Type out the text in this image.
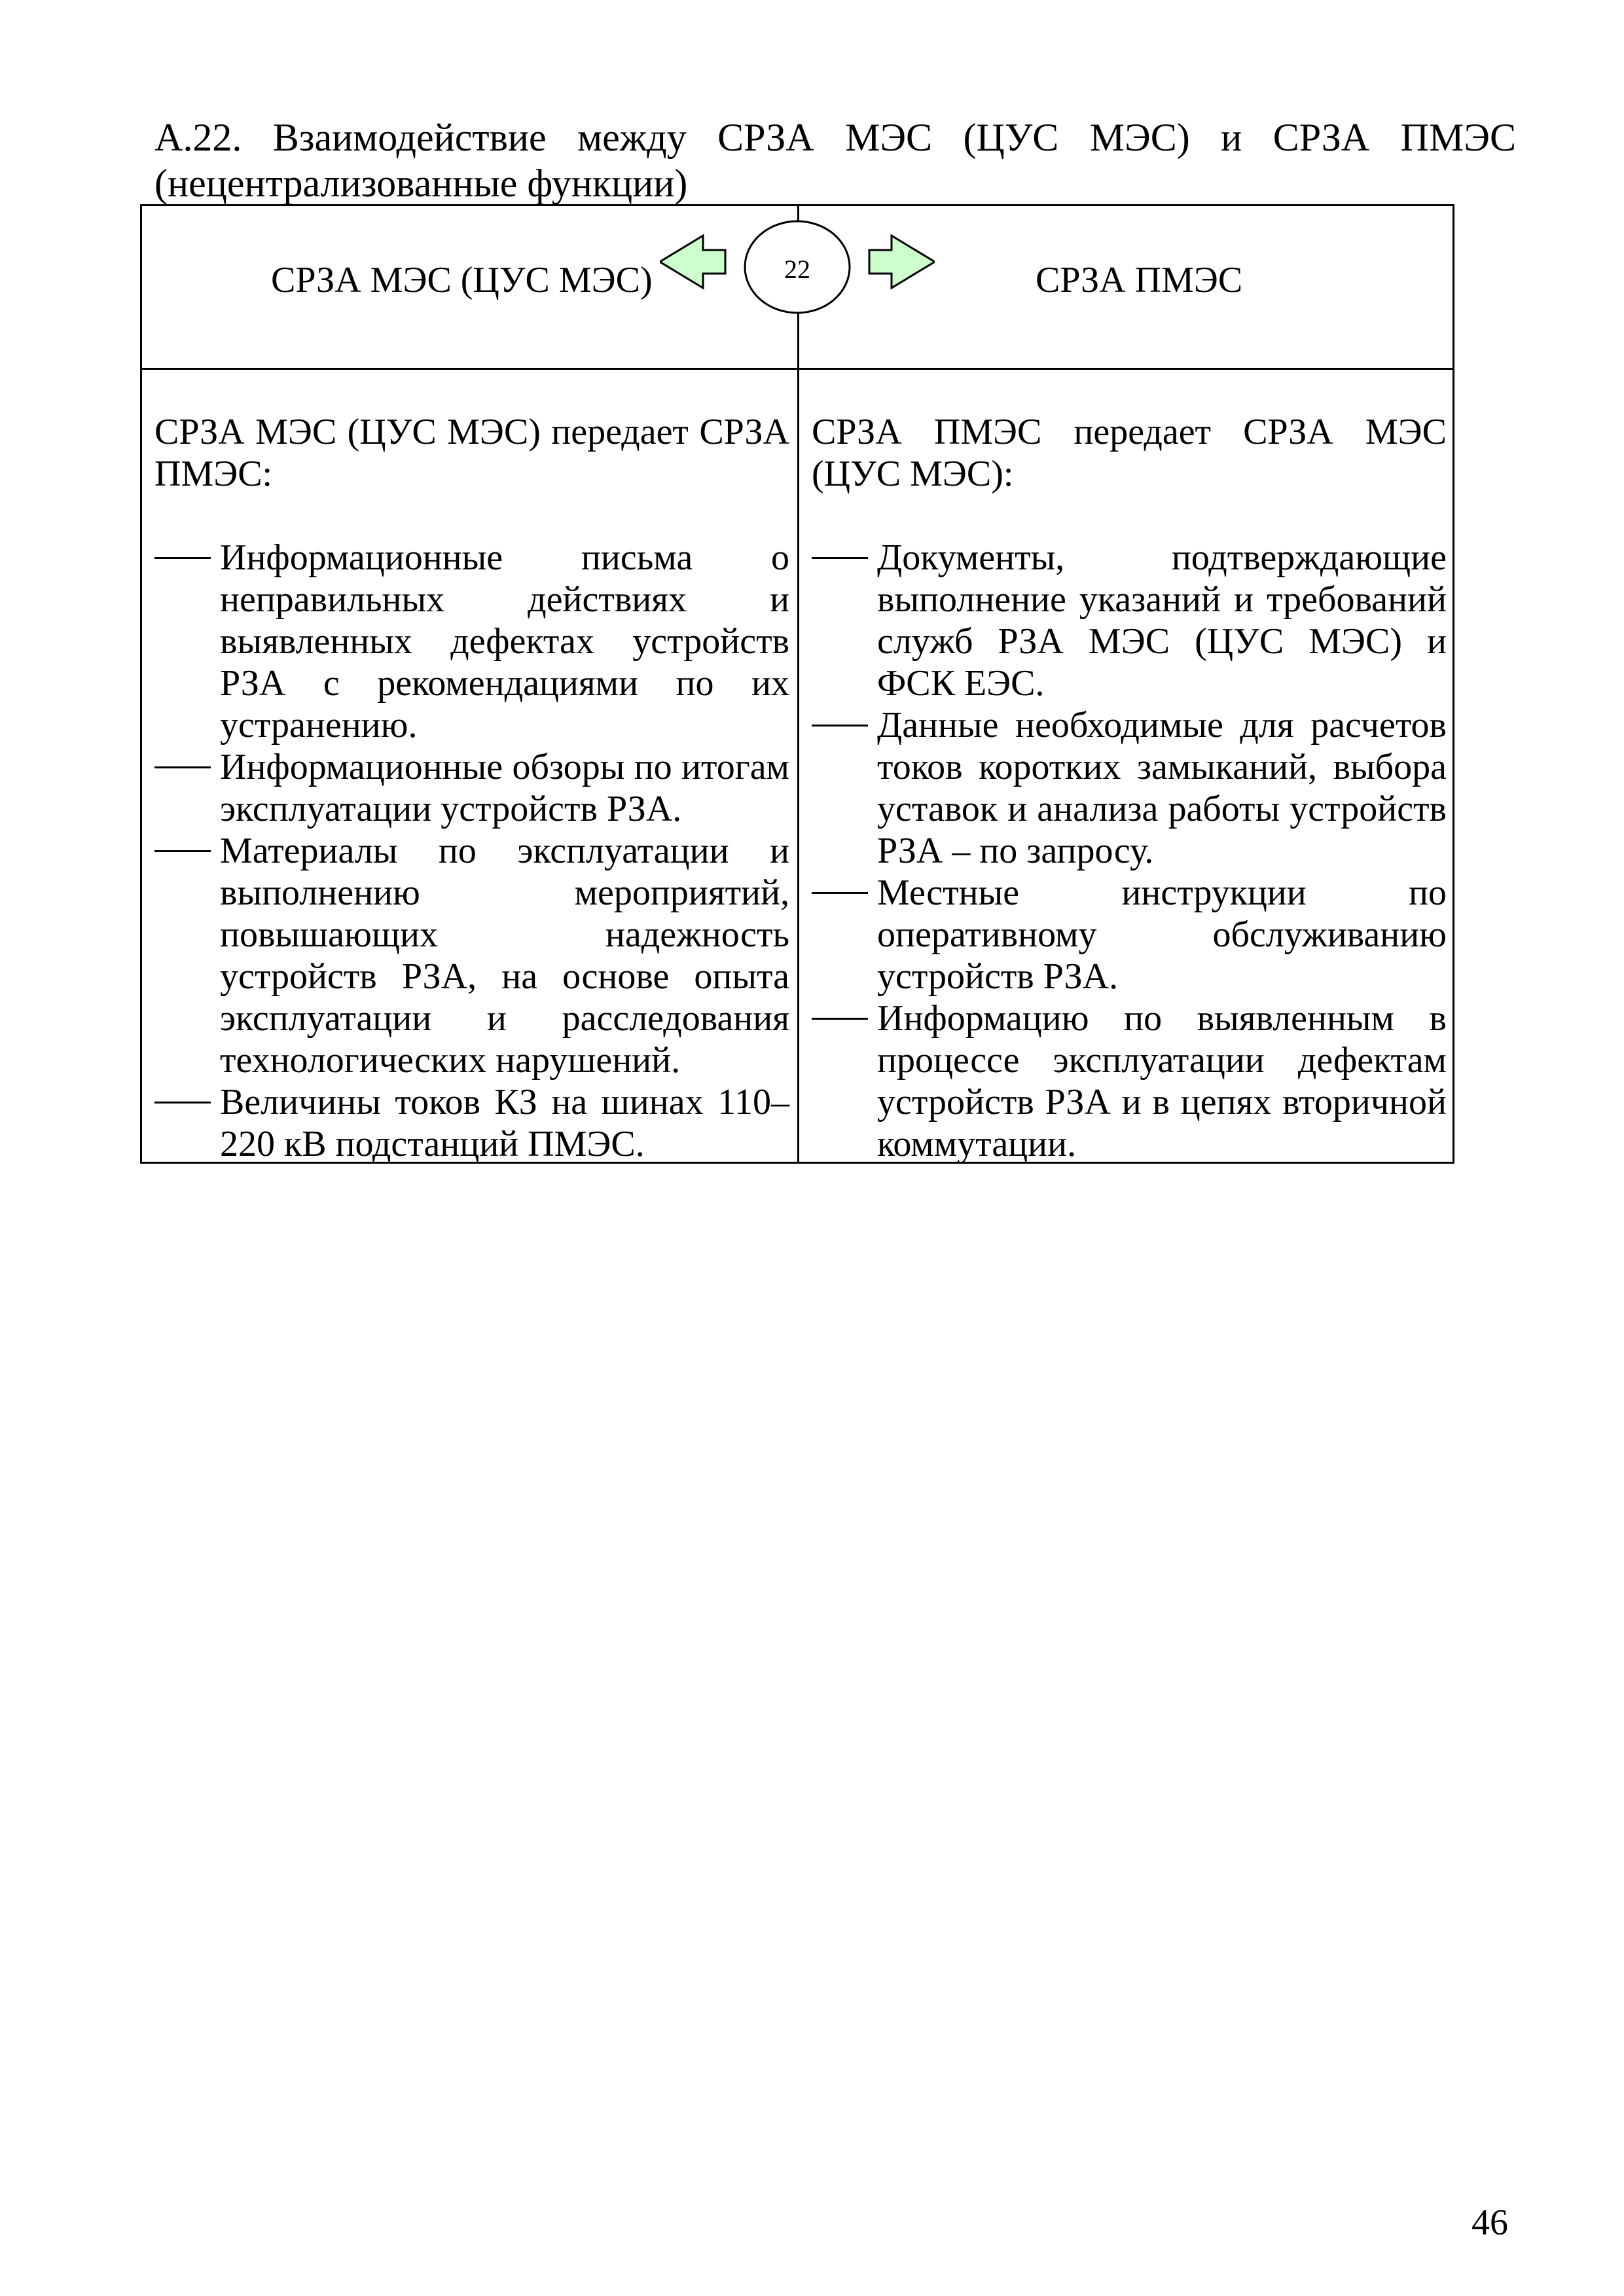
А.22. Взаимодействие между СРЗА МЭС (ЦУС МЭС) и СРЗА ПМЭС
(нецентрализованные функции)
СРЗА МЭС (ЦУС МЭС)	СРЗА ПМЭС
22

СРЗА МЭС (ЦУС МЭС) передает СРЗА ПМЭС:

Информационные письма о неправильных действиях и выявленных дефектах устройств РЗА с рекомендациями по их устранению.
Информационные обзоры по итогам эксплуатации устройств РЗА.
Материалы по эксплуатации и выполнению мероприятий, повышающих надежность устройств РЗА, на основе опыта эксплуатации и расследования технологических нарушений.
Величины токов КЗ на шинах 110–220 кВ подстанций ПМЭС.

СРЗА ПМЭС передает СРЗА МЭС (ЦУС МЭС):

Документы, подтверждающие выполнение указаний и требований служб РЗА МЭС (ЦУС МЭС) и ФСК ЕЭС.
Данные необходимые для расчетов токов коротких замыканий, выбора уставок и анализа работы устройств РЗА – по запросу.
Местные инструкции по оперативному обслуживанию устройств РЗА.
Информацию по выявленным в процессе эксплуатации дефектам устройств РЗА и в цепях вторичной коммутации.
46
